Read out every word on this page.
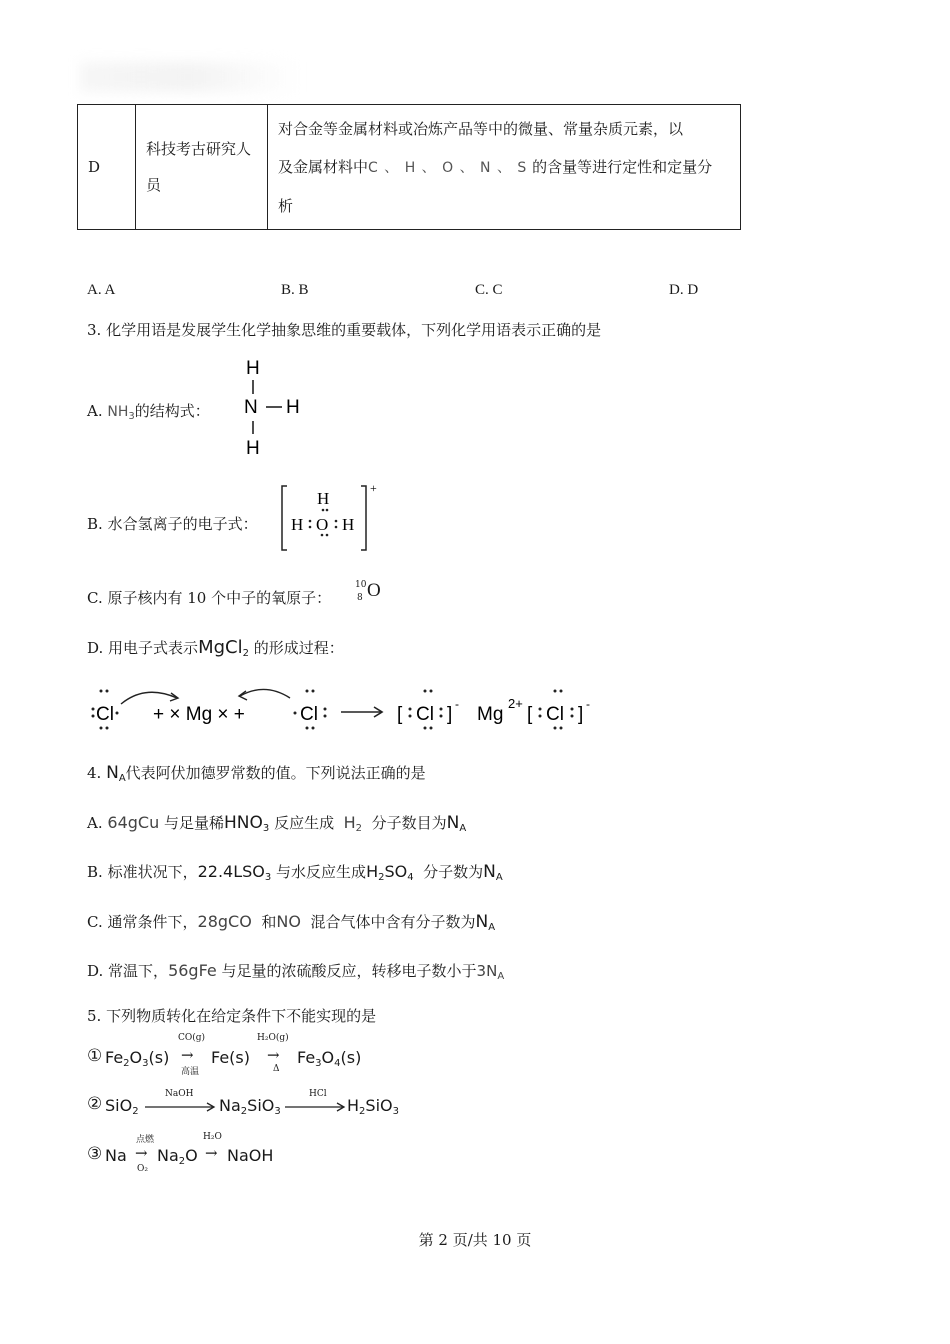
D	
科技考古研究人
员

对合金等金属材料或冶炼产品等中的微量、常量杂质元素，以
及金属材料中C 、 H 、 O 、 N 、 S 的含量等进行定性和定量分
析
A. A	B. B	C. C	D. D
3. 化学用语是发展学生化学抽象思维的重要载体，下列化学用语表示正确的是
A. $NH_3$的结构式：
H
N H
H
B. 水合氢离子的电子式：
H
H O H
+
C. 原子核内有 10 个中子的氧原子：
10
8 O
D. 用电子式表示MgCl$_2$ 的形成过程：
Cl + × Mg × +	Cl	[ Cl ] - Mg
2+
[ Cl ] -
4. $N_A$代表阿伏加德罗常数的值。下列说法正确的是
A. 64gCu 与足量稀$HNO_3$ 反应生成 $H_2$ 分子数目为$N_A$
B. 标准状况下，$22.4LSO_3$ 与水反应生成$H_2SO_4$ 分子数为$N_A$
C. 通常条件下，28gCO 和NO 混合气体中含有分子数为$N_A$
D. 常温下，56gFe 与足量的浓硫酸反应，转移电子数小于$3N_A$
5. 下列物质转化在给定条件下不能实现的是
① $Fe_2O_3(s)$
CO(g)
→
高温
Fe(s)
H₂O(g)
→
Δ
$Fe_3O_4(s)$
② SiO$_2$
NaOH
$Na_2SiO_3$
HCl
$H_2SiO_3$
③ Na
点燃
→
O₂
$Na_2O$
H₂O
→ NaOH
第 2 页/共 10 页
